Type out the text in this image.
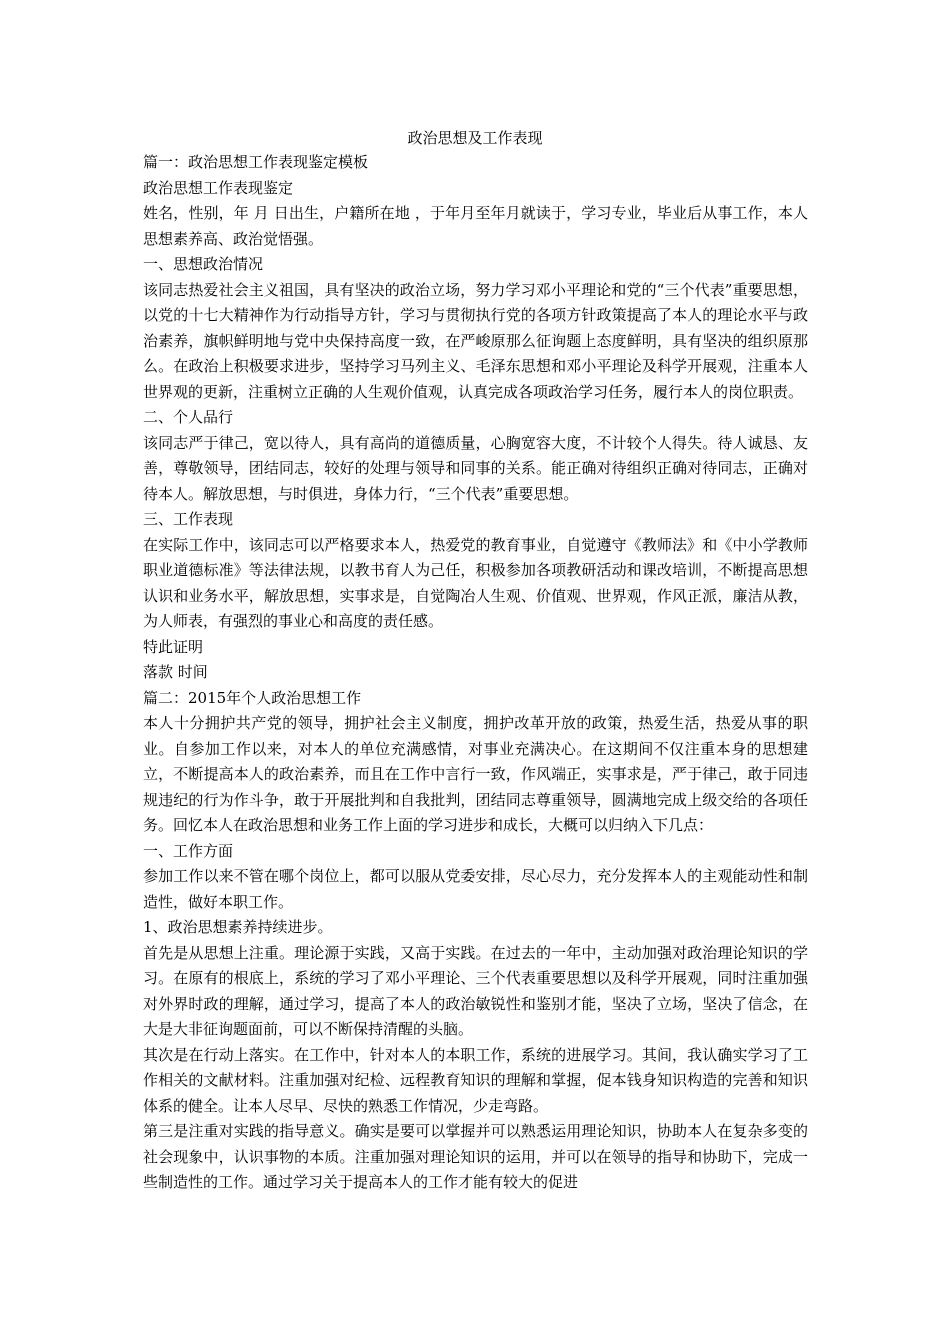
政治思想及工作表现

篇一：政治思想工作表现鉴定模板

政治思想工作表现鉴定

姓名，性别，年 月 日出生，户籍所在地 ，于年月至年月就读于，学习专业，毕业后从事工作，本人思想素养高、政治觉悟强。

一、思想政治情况

该同志热爱社会主义祖国，具有坚决的政治立场，努力学习邓小平理论和党的“三个代表”重要思想，以党的十七大精神作为行动指导方针，学习与贯彻执行党的各项方针政策提高了本人的理论水平与政治素养，旗帜鲜明地与党中央保持高度一致，在严峻原那么征询题上态度鲜明，具有坚决的组织原那么。在政治上积极要求进步，坚持学习马列主义、毛泽东思想和邓小平理论及科学开展观，注重本人世界观的更新，注重树立正确的人生观价值观，认真完成各项政治学习任务，履行本人的岗位职责。

二、个人品行

该同志严于律己，宽以待人，具有高尚的道德质量，心胸宽容大度，不计较个人得失。待人诚恳、友善，尊敬领导，团结同志，较好的处理与领导和同事的关系。能正确对待组织正确对待同志，正确对待本人。解放思想，与时俱进，身体力行，“三个代表”重要思想。

三、工作表现

在实际工作中，该同志可以严格要求本人，热爱党的教育事业，自觉遵守《教师法》和《中小学教师职业道德标准》等法律法规，以教书育人为己任，积极参加各项教研活动和课改培训，不断提高思想认识和业务水平，解放思想，实事求是，自觉陶冶人生观、价值观、世界观，作风正派，廉洁从教，为人师表，有强烈的事业心和高度的责任感。

特此证明

落款 时间

篇二：2015年个人政治思想工作

本人十分拥护共产党的领导，拥护社会主义制度，拥护改革开放的政策，热爱生活，热爱从事的职业。自参加工作以来，对本人的单位充满感情，对事业充满决心。在这期间不仅注重本身的思想建立，不断提高本人的政治素养，而且在工作中言行一致，作风端正，实事求是，严于律己，敢于同违规违纪的行为作斗争，敢于开展批判和自我批判，团结同志尊重领导，圆满地完成上级交给的各项任务。回忆本人在政治思想和业务工作上面的学习进步和成长，大概可以归纳入下几点：

一、工作方面

参加工作以来不管在哪个岗位上，都可以服从党委安排，尽心尽力，充分发挥本人的主观能动性和制造性，做好本职工作。

1、政治思想素养持续进步。

首先是从思想上注重。理论源于实践，又高于实践。在过去的一年中，主动加强对政治理论知识的学习。在原有的根底上，系统的学习了邓小平理论、三个代表重要思想以及科学开展观，同时注重加强对外界时政的理解，通过学习，提高了本人的政治敏锐性和鉴别才能，坚决了立场，坚决了信念，在大是大非征询题面前，可以不断保持清醒的头脑。

其次是在行动上落实。在工作中，针对本人的本职工作，系统的进展学习。其间，我认确实学习了工作相关的文献材料。注重加强对纪检、远程教育知识的理解和掌握，促本钱身知识构造的完善和知识体系的健全。让本人尽早、尽快的熟悉工作情况，少走弯路。

第三是注重对实践的指导意义。确实是要可以掌握并可以熟悉运用理论知识，协助本人在复杂多变的社会现象中，认识事物的本质。注重加强对理论知识的运用，并可以在领导的指导和协助下，完成一些制造性的工作。通过学习关于提高本人的工作才能有较大的促进
